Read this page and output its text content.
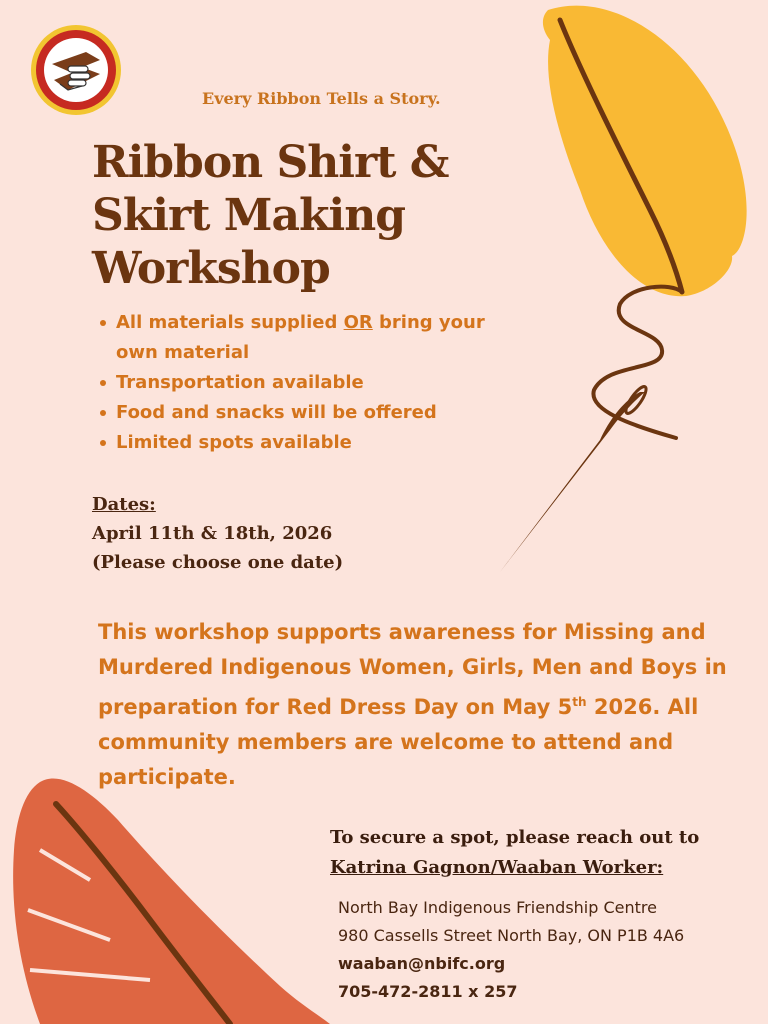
Every Ribbon Tells a Story.

Ribbon Shirt &
Skirt Making
Workshop
All materials supplied OR bring your own material
Transportation available
Food and snacks will be offered
Limited spots available
Dates:
April 11th & 18th, 2026
(Please choose one date)

This workshop supports awareness for Missing and Murdered Indigenous Women, Girls, Men and Boys in preparation for Red Dress Day on May 5th 2026. All community members are welcome to attend and participate.

To secure a spot, please reach out to
Katrina Gagnon/Waaban Worker:
North Bay Indigenous Friendship Centre
980 Cassells Street North Bay, ON P1B 4A6
waaban@nbifc.org
705-472-2811 x 257
